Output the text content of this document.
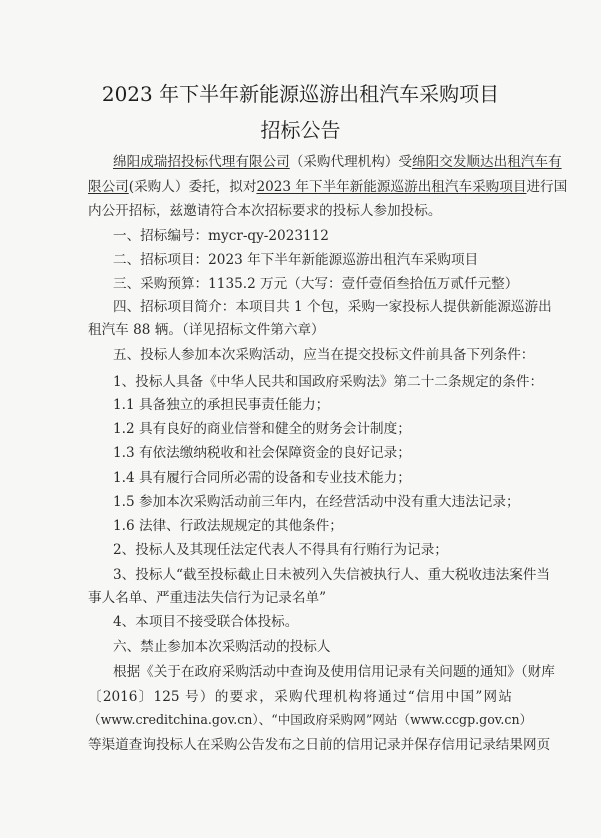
2023 年下半年新能源巡游出租汽车采购项目
招标公告
绵阳成瑞招投标代理有限公司（采购代理机构）受绵阳交发顺达出租汽车有
限公司(采购人）委托，拟对2023 年下半年新能源巡游出租汽车采购项目进行国
内公开招标，兹邀请符合本次招标要求的投标人参加投标。
一、招标编号：mycr-qy-2023112
二、招标项目：2023 年下半年新能源巡游出租汽车采购项目
三、采购预算：1135.2 万元（大写：壹仟壹佰叁拾伍万贰仟元整）
四、招标项目简介：本项目共 1 个包，采购一家投标人提供新能源巡游出
租汽车 88 辆。（详见招标文件第六章）
五、投标人参加本次采购活动，应当在提交投标文件前具备下列条件：
1、投标人具备《中华人民共和国政府采购法》第二十二条规定的条件：
1.1 具备独立的承担民事责任能力；
1.2 具有良好的商业信誉和健全的财务会计制度；
1.3 有依法缴纳税收和社会保障资金的良好记录；
1.4 具有履行合同所必需的设备和专业技术能力；
1.5 参加本次采购活动前三年内，在经营活动中没有重大违法记录；
1.6 法律、行政法规规定的其他条件；
2、投标人及其现任法定代表人不得具有行贿行为记录；
3、投标人“截至投标截止日未被列入失信被执行人、重大税收违法案件当
事人名单、严重违法失信行为记录名单”
4、本项目不接受联合体投标。
六、禁止参加本次采购活动的投标人
根据《关于在政府采购活动中查询及使用信用记录有关问题的通知》（财库
〔2016〕125 号）的要求，采购代理机构将通过“信用中国”网站
（www.creditchina.gov.cn）、“中国政府采购网”网站（www.ccgp.gov.cn）
等渠道查询投标人在采购公告发布之日前的信用记录并保存信用记录结果网页
